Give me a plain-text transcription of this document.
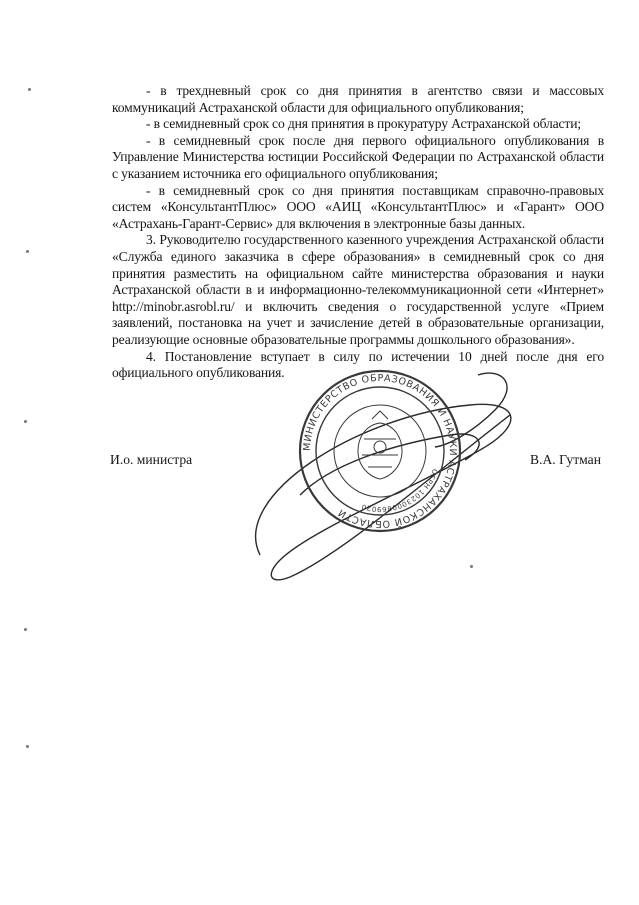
- в трехдневный срок со дня принятия в агентство связи и массовых коммуникаций Астраханской области для официального опубликования;

- в семидневный срок со дня принятия в прокуратуру Астраханской области;

- в семидневный срок после дня первого официального опубликования в Управление Министерства юстиции Российской Федерации по Астраханской области с указанием источника его официального опубликования;

- в семидневный срок со дня принятия поставщикам справочно-правовых систем «КонсультантПлюс» ООО «АИЦ «КонсультантПлюс» и «Гарант» ООО «Астрахань-Гарант-Сервис» для включения в электронные базы данных.

3. Руководителю государственного казенного учреждения Астраханской области «Служба единого заказчика в сфере образования» в семидневный срок со дня принятия разместить на официальном сайте министерства образования и науки Астраханской области в и информационно-телекоммуникационной сети «Интернет» http://minobr.asrobl.ru/ и включить сведения о государственной услуге «Прием заявлений, постановка на учет и зачисление детей в образовательные организации, реализующие основные образовательные программы дошкольного образования».

4. Постановление вступает в силу по истечении 10 дней после дня его официального опубликования.

И.о. министра	В.А. Гутман
МИНИСТЕРСТВО ОБРАЗОВАНИЯ И НАУКИ АСТРАХАНСКОЙ ОБЛАСТИ
ОГРН 1023000869020
